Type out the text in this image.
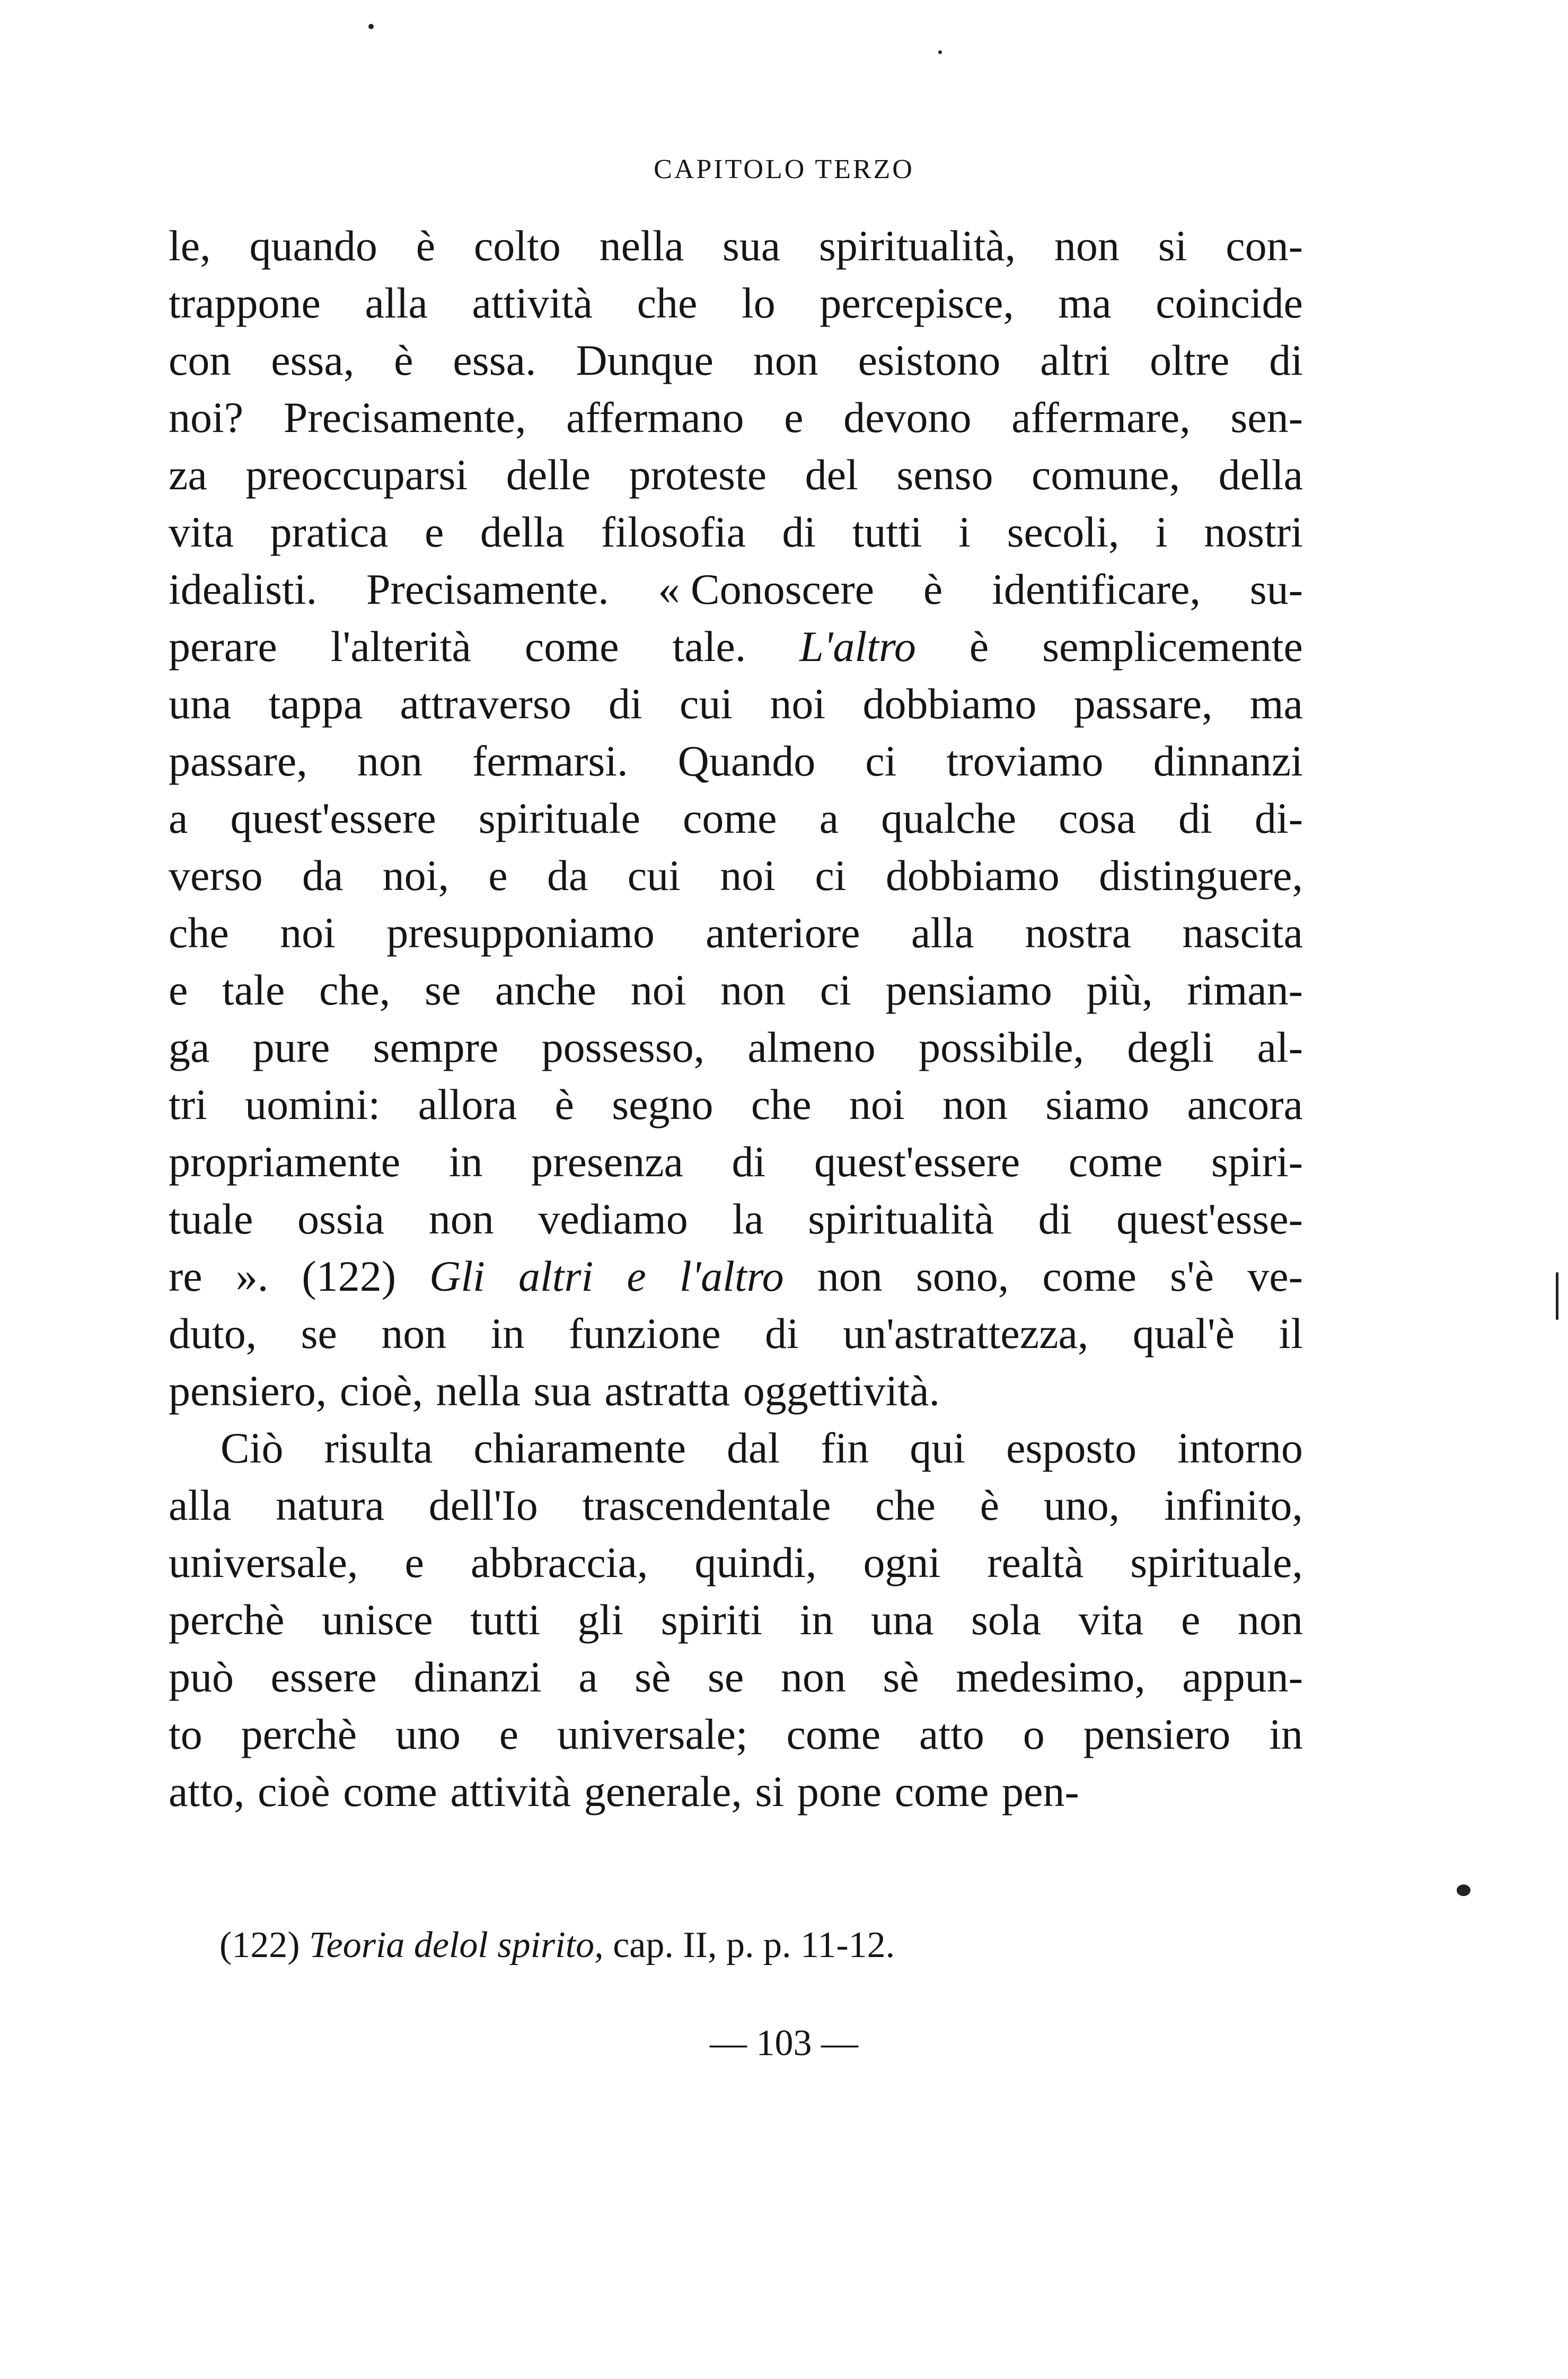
CAPITOLO TERZO
le, quando è colto nella sua spiritualità, non si con-
trappone alla attività che lo percepisce, ma coincide
con essa, è essa. Dunque non esistono altri oltre di
noi? Precisamente, affermano e devono affermare, sen-
za preoccuparsi delle proteste del senso comune, della
vita pratica e della filosofia di tutti i secoli, i nostri
idealisti. Precisamente. « Conoscere è identificare, su-
perare l'alterità come tale. L'altro è semplicemente
una tappa attraverso di cui noi dobbiamo passare, ma
passare, non fermarsi. Quando ci troviamo dinnanzi
a quest'essere spirituale come a qualche cosa di di-
verso da noi, e da cui noi ci dobbiamo distinguere,
che noi presupponiamo anteriore alla nostra nascita
e tale che, se anche noi non ci pensiamo più, riman-
ga pure sempre possesso, almeno possibile, degli al-
tri uomini: allora è segno che noi non siamo ancora
propriamente in presenza di quest'essere come spiri-
tuale ossia non vediamo la spiritualità di quest'esse-
re ». (122) Gli altri e l'altro non sono, come s'è ve-
duto, se non in funzione di un'astrattezza, qual'è il
pensiero, cioè, nella sua astratta oggettività.
Ciò risulta chiaramente dal fin qui esposto intorno
alla natura dell'Io trascendentale che è uno, infinito,
universale, e abbraccia, quindi, ogni realtà spirituale,
perchè unisce tutti gli spiriti in una sola vita e non
può essere dinanzi a sè se non sè medesimo, appun-
to perchè uno e universale; come atto o pensiero in
atto, cioè come attività generale, si pone come pen-
(122) Teoria delol spirito, cap. II, p. p. 11-12.
— 103 —
